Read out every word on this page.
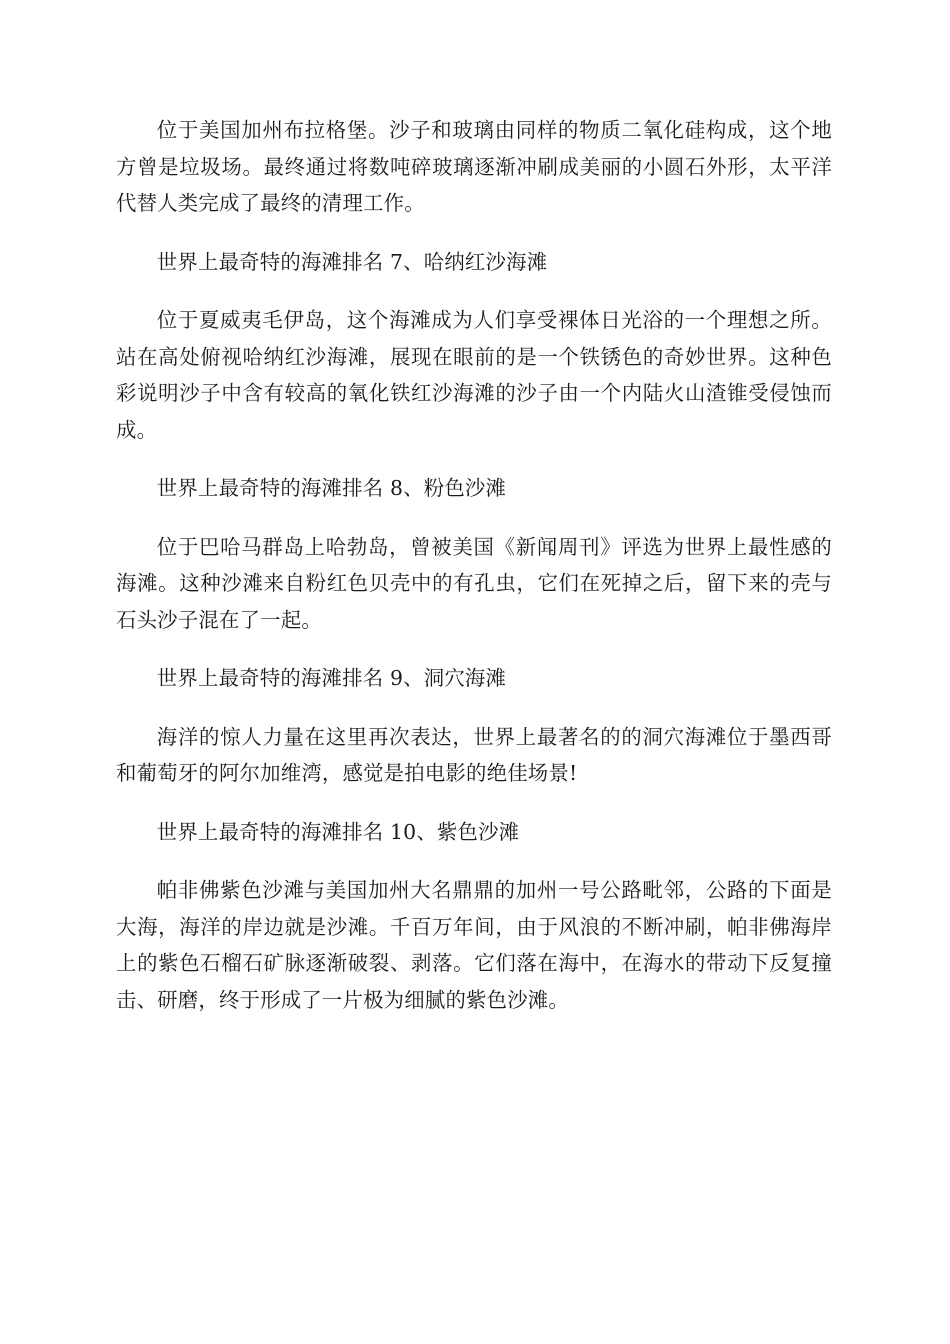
位于美国加州布拉格堡。沙子和玻璃由同样的物质二氧化硅构成，这个地方曾是垃圾场。最终通过将数吨碎玻璃逐渐冲刷成美丽的小圆石外形，太平洋代替人类完成了最终的清理工作。

世界上最奇特的海滩排名 7、哈纳红沙海滩

位于夏威夷毛伊岛，这个海滩成为人们享受裸体日光浴的一个理想之所。站在高处俯视哈纳红沙海滩，展现在眼前的是一个铁锈色的奇妙世界。这种色彩说明沙子中含有较高的氧化铁红沙海滩的沙子由一个内陆火山渣锥受侵蚀而成。

世界上最奇特的海滩排名 8、粉色沙滩

位于巴哈马群岛上哈勃岛，曾被美国《新闻周刊》评选为世界上最性感的海滩。这种沙滩来自粉红色贝壳中的有孔虫，它们在死掉之后，留下来的壳与石头沙子混在了一起。

世界上最奇特的海滩排名 9、洞穴海滩

海洋的惊人力量在这里再次表达，世界上最著名的的洞穴海滩位于墨西哥和葡萄牙的阿尔加维湾，感觉是拍电影的绝佳场景!

世界上最奇特的海滩排名 10、紫色沙滩

帕非佛紫色沙滩与美国加州大名鼎鼎的加州一号公路毗邻，公路的下面是大海，海洋的岸边就是沙滩。千百万年间，由于风浪的不断冲刷，帕非佛海岸上的紫色石榴石矿脉逐渐破裂、剥落。它们落在海中，在海水的带动下反复撞击、研磨，终于形成了一片极为细腻的紫色沙滩。
